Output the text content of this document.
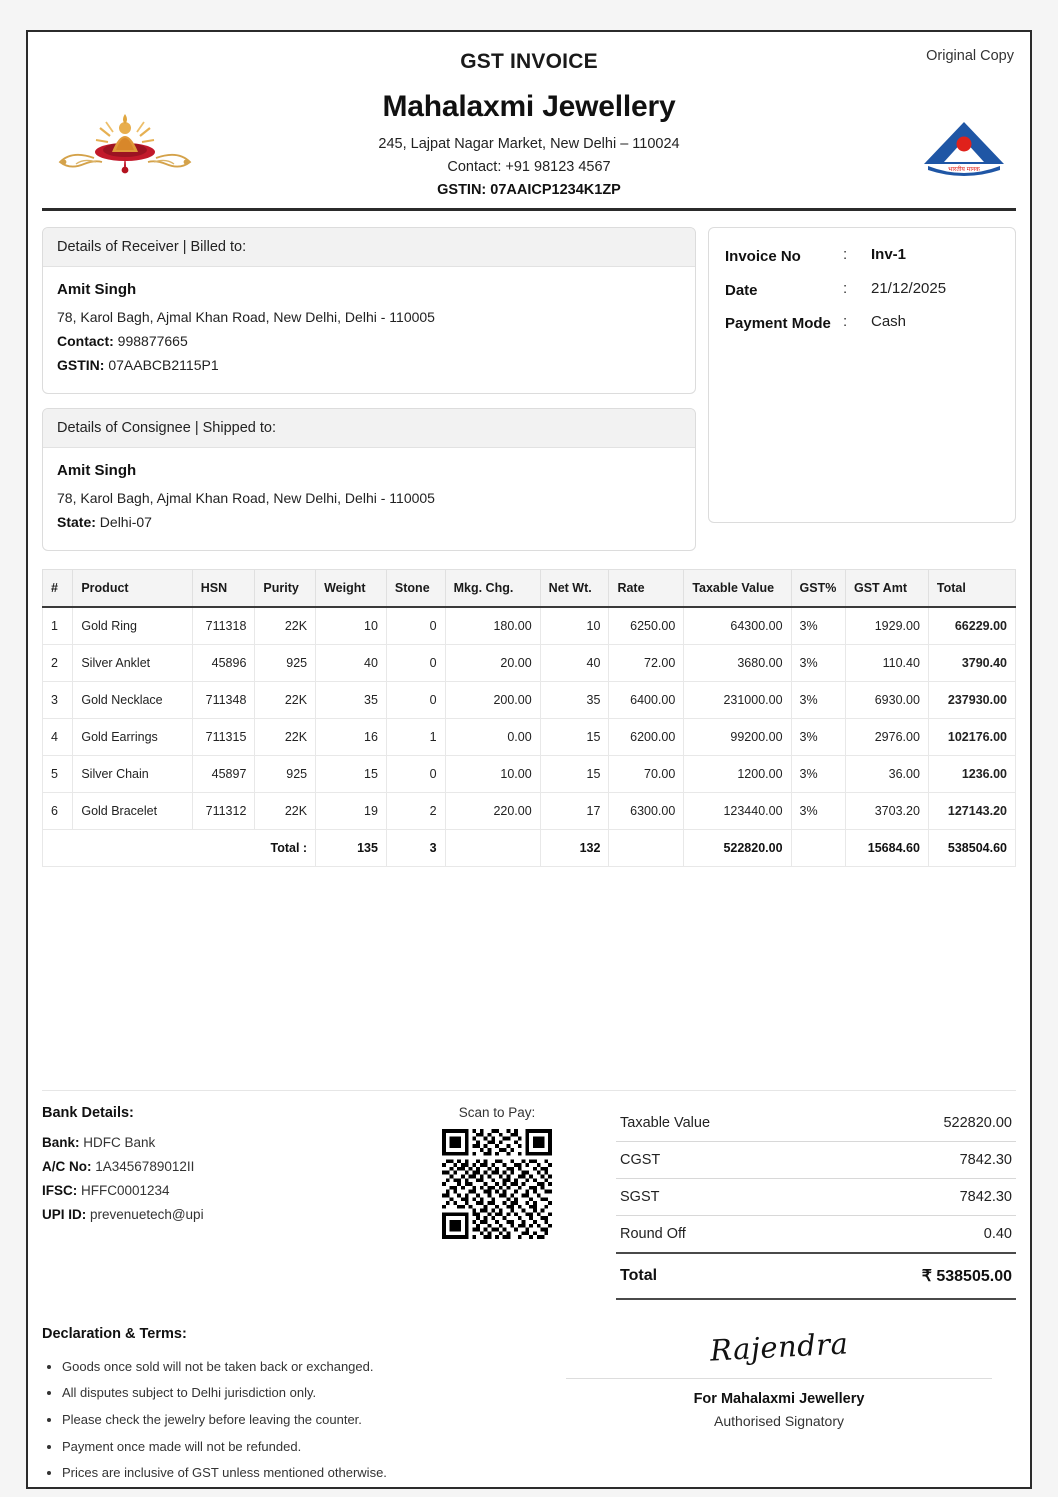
Original Copy
भारतीय मानक
GST INVOICE
Mahalaxmi Jewellery
245, Lajpat Nagar Market, New Delhi – 110024
Contact: +91 98123 4567
GSTIN: 07AAICP1234K1ZP
Details of Receiver | Billed to:
Amit Singh
78, Karol Bagh, Ajmal Khan Road, New Delhi, Delhi - 110005
Contact: 998877665
GSTIN: 07AABCB2115P1
Details of Consignee | Shipped to:
Amit Singh
78, Karol Bagh, Ajmal Khan Road, New Delhi, Delhi - 110005
State: Delhi-07
Invoice No	:	Inv-1
Date	:	21/12/2025
Payment Mode :	Cash
#	Product	HSN	Purity	Weight	Stone	Mkg. Chg.	Net Wt.	Rate	Taxable Value	GST%	GST Amt	Total
1	Gold Ring	711318	22K	10	0	180.00	10	6250.00	64300.00	3%	1929.00	66229.00
2	Silver Anklet	45896	925	40	0	20.00	40	72.00	3680.00	3%	110.40	3790.40
3	Gold Necklace	711348	22K	35	0	200.00	35	6400.00	231000.00	3%	6930.00	237930.00
4	Gold Earrings	711315	22K	16	1	0.00	15	6200.00	99200.00	3%	2976.00	102176.00
5	Silver Chain	45897	925	15	0	10.00	15	70.00	1200.00	3%	36.00	1236.00
6	Gold Bracelet	711312	22K	19	2	220.00	17	6300.00	123440.00	3%	3703.20	127143.20
Total :				135	3		132		522820.00		15684.60	538504.60
Bank Details:
Bank: HDFC Bank
A/C No: 1A3456789012II
IFSC: HFFC0001234
UPI ID: prevenuetech@upi
Scan to Pay:
Taxable Value	522820.00
CGST	7842.30
SGST	7842.30
Round Off	0.40
Total	₹ 538505.00
Declaration & Terms:
• Goods once sold will not be taken back or exchanged.
• All disputes subject to Delhi jurisdiction only.
• Please check the jewelry before leaving the counter.
• Payment once made will not be refunded.
• Prices are inclusive of GST unless mentioned otherwise.
Rajendra
For Mahalaxmi Jewellery
Authorised Signatory
